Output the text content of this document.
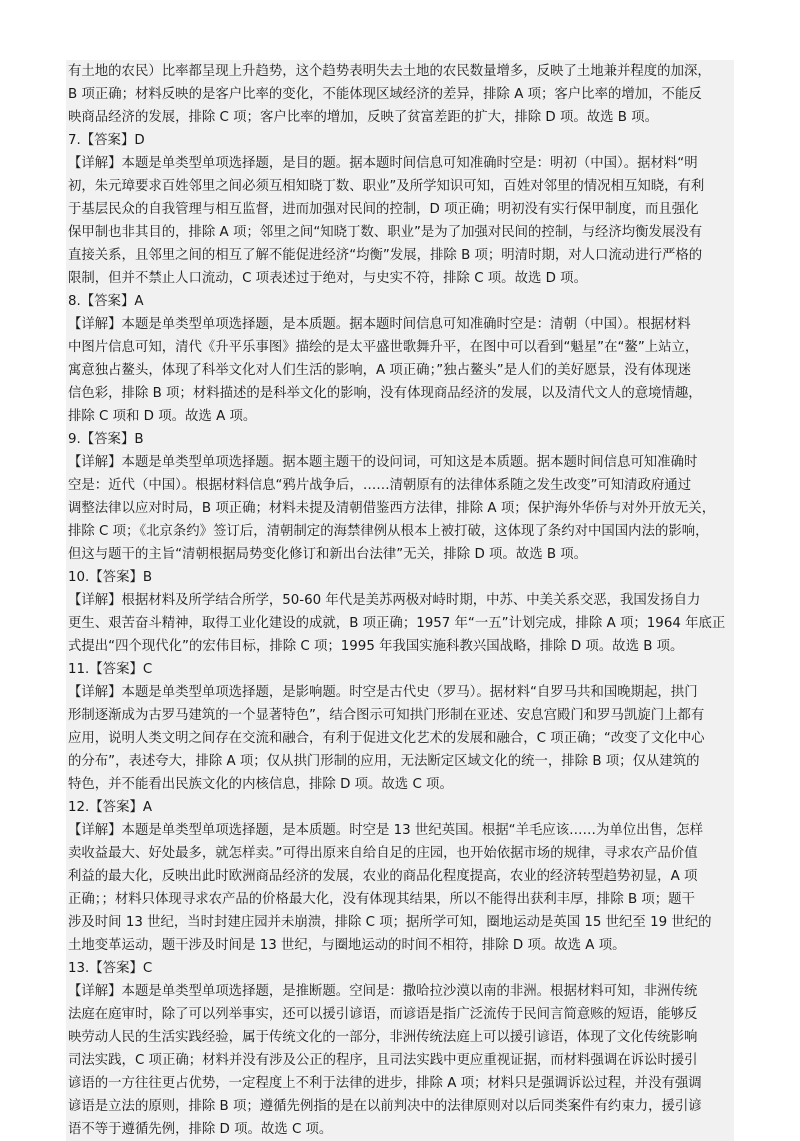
有土地的农民）比率都呈现上升趋势，这个趋势表明失去土地的农民数量增多，反映了土地兼并程度的加深，
B 项正确；材料反映的是客户比率的变化，不能体现区域经济的差异，排除 A 项；客户比率的增加，不能反
映商品经济的发展，排除 C 项；客户比率的增加，反映了贫富差距的扩大，排除 D 项。故选 B 项。
7.【答案】D
【详解】本题是单类型单项选择题，是目的题。据本题时间信息可知准确时空是：明初（中国）。据材料“明
初，朱元璋要求百姓邻里之间必须互相知晓丁数、职业”及所学知识可知，百姓对邻里的情况相互知晓，有利
于基层民众的自我管理与相互监督，进而加强对民间的控制，D 项正确；明初没有实行保甲制度，而且强化
保甲制也非其目的，排除 A 项；邻里之间“知晓丁数、职业”是为了加强对民间的控制，与经济均衡发展没有
直接关系，且邻里之间的相互了解不能促进经济“均衡”发展，排除 B 项；明清时期，对人口流动进行严格的
限制，但并不禁止人口流动，C 项表述过于绝对，与史实不符，排除 C 项。故选 D 项。
8.【答案】A
【详解】本题是单类型单项选择题，是本质题。据本题时间信息可知准确时空是：清朝（中国）。根据材料
中图片信息可知，清代《升平乐事图》描绘的是太平盛世歌舞升平，在图中可以看到“魁星”在“鳌”上站立，
寓意独占鳌头，体现了科举文化对人们生活的影响，A 项正确；”独占鳌头”是人们的美好愿景，没有体现迷
信色彩，排除 B 项；材料描述的是科举文化的影响，没有体现商品经济的发展，以及清代文人的意境情趣，
排除 C 项和 D 项。故选 A 项。
9.【答案】B
【详解】本题是单类型单项选择题。据本题主题干的设问词，可知这是本质题。据本题时间信息可知准确时
空是：近代（中国）。根据材料信息“鸦片战争后，……清朝原有的法律体系随之发生改变”可知清政府通过
调整法律以应对时局，B 项正确；材料未提及清朝借鉴西方法律，排除 A 项；保护海外华侨与对外开放无关，
排除 C 项；《北京条约》签订后，清朝制定的海禁律例从根本上被打破，这体现了条约对中国国内法的影响，
但这与题干的主旨“清朝根据局势变化修订和新出台法律”无关，排除 D 项。故选 B 项。
10.【答案】B
【详解】根据材料及所学结合所学，50-60 年代是美苏两极对峙时期，中苏、中美关系交恶，我国发扬自力
更生、艰苦奋斗精神，取得工业化建设的成就，B 项正确；1957 年“一五”计划完成，排除 A 项；1964 年底正
式提出“四个现代化”的宏伟目标，排除 C 项；1995 年我国实施科教兴国战略，排除 D 项。故选 B 项。
11.【答案】C
【详解】本题是单类型单项选择题，是影响题。时空是古代史（罗马）。据材料“自罗马共和国晚期起，拱门
形制逐渐成为古罗马建筑的一个显著特色”，结合图示可知拱门形制在亚述、安息宫殿门和罗马凯旋门上都有
应用，说明人类文明之间存在交流和融合，有利于促进文化艺术的发展和融合，C 项正确；“改变了文化中心
的分布”，表述夸大，排除 A 项；仅从拱门形制的应用，无法断定区域文化的统一，排除 B 项；仅从建筑的
特色，并不能看出民族文化的内核信息，排除 D 项。故选 C 项。
12.【答案】A
【详解】本题是单类型单项选择题，是本质题。时空是 13 世纪英国。根据“羊毛应该……为单位出售，怎样
卖收益最大、好处最多，就怎样卖。”可得出原来自给自足的庄园，也开始依据市场的规律，寻求农产品价值
利益的最大化，反映出此时欧洲商品经济的发展，农业的商品化程度提高，农业的经济转型趋势初显，A 项
正确；；材料只体现寻求农产品的价格最大化，没有体现其结果，所以不能得出获利丰厚，排除 B 项；题干
涉及时间 13 世纪，当时封建庄园并未崩溃，排除 C 项；据所学可知，圈地运动是英国 15 世纪至 19 世纪的
土地变革运动，题干涉及时间是 13 世纪，与圈地运动的时间不相符，排除 D 项。故选 A 项。
13.【答案】C
【详解】本题是单类型单项选择题，是推断题。空间是：撒哈拉沙漠以南的非洲。根据材料可知，非洲传统
法庭在庭审时，除了可以列举事实，还可以援引谚语，而谚语是指广泛流传于民间言简意赅的短语，能够反
映劳动人民的生活实践经验，属于传统文化的一部分，非洲传统法庭上可以援引谚语，体现了文化传统影响
司法实践，C 项正确；材料并没有涉及公正的程序，且司法实践中更应重视证据，而材料强调在诉讼时援引
谚语的一方往往更占优势，一定程度上不利于法律的进步，排除 A 项；材料只是强调诉讼过程，并没有强调
谚语是立法的原则，排除 B 项；遵循先例指的是在以前判决中的法律原则对以后同类案件有约束力，援引谚
语不等于遵循先例，排除 D 项。故选 C 项。
